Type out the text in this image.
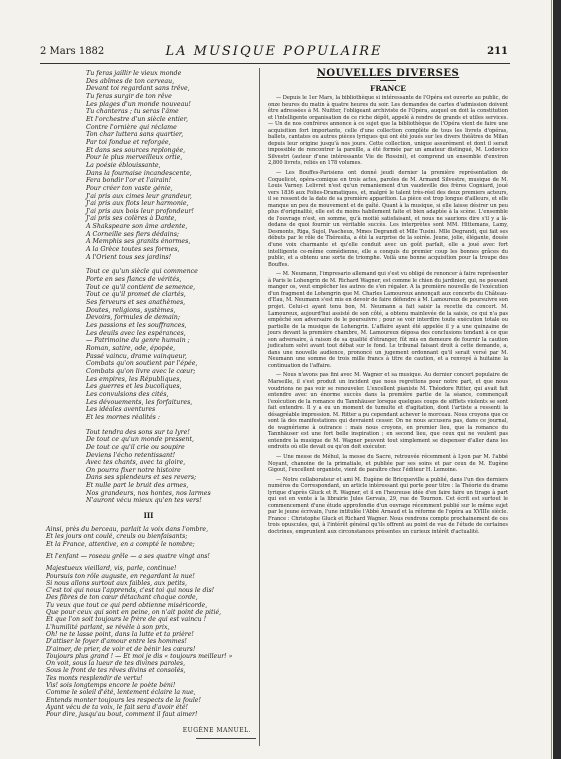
2 Mars 1882	LA MUSIQUE POPULAIRE	211
Tu feras jaillir le vieux monde
Des abîmes de ton cerveau,
Devant toi regardant sans trêve,
Tu feras surgir de ton rêve
Les plages d'un monde nouveau!
Tu chanteras ; tu seras l'âme
Et l'orchestre d'un siècle entier,
Contre l'ornière qui réclame
Ton char luttera sans quartier,
Par toi fondue et reforgée,
Et dans ses sources replongée,
Pour le plus merveilleux ortie,
La poésie éblouissante,
Dans la fournaise incandescente,
Fera bondir l'or et l'airain!
Pour créer ton vaste génie,
J'ai pris aux cimes leur grandeur,
J'ai pris aux flots leur harmonie,
J'ai pris aux bois leur profondeur!
J'ai pris ses colères à Dante,
A Shakspeare son âme ardente,
A Corneille ses fiers dédains;
A Memphis ses granits énormes,
A la Grèce toutes ses formes,
A l'Orient tous ses jardins!
Tout ce qu'un siècle qui commence
Porte en ses flancs de vérités,
Tout ce qu'il contient de semence,
Tout ce qu'il promet de clartés,
Ses ferveurs et ses anathèmes,
Doutes, religions, systèmes,
Devoirs, formules de demain;
Les passions et les souffrances,
Les deuils avec les espérances,
— Patrimoine du genre humain ;
Roman, satire, ode, épopée,
Passé vaincu, drame vainqueur,
Combats qu'on soutient par l'épée,
Combats qu'on livre avec le cœur;
Les empires, les Républiques,
Les guerres et les bucoliques,
Les convulsions des cités,
Les dévouements, les forfaitures,
Les idéales aventures
Et les mornes réalités :
Tout tendra des sons sur ta lyre!
De tout ce qu'un monde pressent,
De tout ce qu'il crie ou soupire
Deviens l'écho retentissant!
Avec tes chants, avec ta gloire,
On pourra fixer notre histoire
Dans ses splendeurs et ses revers;
Et nulle part le bruit des armes,
Nos grandeurs, nos hontes, nos larmes
N'auront vécu mieux qu'en tes vers!
III
Ainsi, près du berceau, parlait la voix dans l'ombre,
Et les jours ont coulé, creuls ou bienfaisants;
Et la France, attentive, en a compté le nombre;
Et l'enfant — roseau grêle — a ses quatre vingt ans!
Majestueux vieillard, vis, parle, continue!
Poursuis ton rôle auguste, en regardant la nue!
Si nous allons surtout aux faibles, aux petits,
C'est toi qui nous l'apprends, c'est toi qui nous le dis!
Des fibres de ton cœur détachant chaque corde,
Tu veux que tout ce qui perd obtienne miséricorde,
Que pour ceux qui sont en peine, on n'ait point de pitié,
Et que l'on soit toujours le frère de qui est vaincu !
L'humilité parlant, se révèle à son prix,
Oh! ne te lasse point, dans la lutte et ta prière!
D'attiser le foyer d'amour entre les hommes!
D'aimer, de prier, de voir et de bénir les cœurs!
Toujours plus grand ! — Et moi je dis « toujours meilleur! »
On voit, sous la lueur de tes divines paroles,
Sous le front de tes rêves divins et consolés,
Tes monts resplendir de vertu!
Vis! sois longtemps encore le poète béni!
Comme le soleil d'été, lentement éclaire la nue,
Entends monter toujours les respects de la foule!
Ayant vécu de ta voix, le fait sera d'avoir été!
Pour dire, jusqu'au bout, comment il faut aimer!
EUGÈNE MANUEL.
NOUVELLES DIVERSES
FRANCE

— Depuis le 1er Mars, la bibliothèque si intéressante de l'Opéra est ouverte au public, de onze heures du matin à quatre heures du soir. Les demandes de cartes d'admission doivent être adressées à M. Nuitter, l'obligeant archiviste de l'Opéra, auquel on doit la constitution et l'intelligente organisation de ce riche dépôt, appelé à rendre de grands et utiles services. — Un de nos confrères annonce à ce sujet que la bibliothèque de l'Opéra vient de faire une acquisition fort importante, celle d'une collection complète de tous les livrets d'opéras, ballets, cantates ou autres pièces lyriques qui ont été joués sur les divers théâtres de Milan depuis leur origine jusqu'à nos jours. Cette collection, unique assurément et dont il serait impossible de rencontrer la pareille, a été formée par un amateur distingué, M. Lodovico Silvestri (auteur d'une intéressante Vie de Rossini), et comprend un ensemble d'environ 2,800 livrets, reliés en 178 volumes.

— Les Bouffes-Parisiens ont donné jeudi dernier la première représentation de Coquelicot, opéra-comique en trois actes, paroles de M. Armand Silvestre, musique de M. Louis Varney. Lelivret n'est qu'un remaniement d'un vaudeville des frères Cogniard, joué vers 1836 aux Folies-Dramatiques, et, malgré le talent très-réel des deux premiers acteurs, il se ressent de la date de sa première apparition. La pièce est trop longue d'ailleurs, et elle manque un peu de mouvement et de gaîté. Quant à la musique, si elle laisse désirer un peu plus d'originalité, elle est du moins habilement faite et bien adaptée à la scène. L'ensemble de l'ouvrage n'est, en somme, qu'à moitié satisfaisant, et nous ne saurions dire s'il y a là-dedans de quoi fournir un véritable succès. Les interprètes sont MM. Hittemans, Lamy, Desmonts, Riga, Sujol, Pascheux, Mmes Degrandi et Mlle Tusini. Mlle Degrandi, qui fait ses débuts par le rôle de Théresita, a été la surprise de la soirée. Jeune, jolie, élégante, douée d'une voix charmante et qu'elle conduit avec un goût parfait, elle a joué avec fort intelligente ce-même comédienne, elle a conquis du premier coup les bonnes grâces du public, et a obtenu une sorte de triomphe. Voilà une bonne acquisition pour la troupe des Bouffes.

— M. Neumann, l'impresario allemand qui s'est vu obligé de renoncer à faire représenter à Paris le Lohengrin de M. Richard Wagner, est comme le chien du jardinier, qui, ne pouvant manger os, veut empêcher les autres de s'en régaler. A la première nouvelle de l'exécution d'un fragment de Lohengrin que M. Charles Lamoureux annonçait aux concerts du Château-d'Eau, M. Neumann s'est mis en devoir de faire défendre à M. Lamoureux de poursuivre son projet. Celui-ci ayant tenu bon, M. Neumann a fait saisir la recette du concert. M. Lamoureux, aujourd'hui assisté de son côté, a obtenu mainlevée de la saisie, ce qui n'a pas empêché son adversaire de le poursuivre ; pour se voir interdire toute exécution totale ou partielle de la musique de Lohengrin. L'affaire ayant été appelée il y a une quinzaine de jours devant la première chambre, M. Lamoureux déposa des conclusions tendant à ce que son adversaire, à raison de sa qualité d'étranger, fût mis en demeure de fournir la caution judicatum solvi avant tout débat sur le fond. Le tribunal faisant droit à cette demande, a, dans une nouvelle audience, prononcé un jugement ordonnant qu'il serait versé par M. Neumann une somme de trois mille francs à titre de caution, et a renvoyé à huitaine la continuation de l'affaire.

— Nous n'avons pas fini avec M. Wagner et sa musique. Au dernier concert populaire de Marseille, il s'est produit un incident que nous regrettons pour notre part, et que nous voudrions ne pas voir se renouveler. L'excellent pianiste M. Théodore Ritter, qui avait fait entendre avec un énorme succès dans la première partie de la séance, commençait l'exécution de la romance du Tannhäuser lorsque quelques coups de sifflets violents se sont fait entendre. Il y a eu un moment de tumulte et d'agitation, dont l'artiste a ressenti la désagréable impression. M. Ritter a pu cependant achever le morceau. Nous croyons que ce sont là des manifestations qui devraient cesser. On ne nous accusera pas, dans ce journal, de wagnérisme à outrance : mais nous croyons, en premier lieu, que la romance du Tannhäuser est une fort belle inspiration ; en second lieu, que ceux qui ne veulent pas entendre la musique de M. Wagner peuvent tout simplement se dispenser d'aller dans les endroits où elle devait ou qu'on doit exécuter.

— Une messe de Méhul, la messe du Sacre, retrouvée récemment à Lyon par M. l'abbé Noyant, chanoine de la primatiale, et publiée par ses soins et par ceux de M. Eugène Gigout, l'excellent organiste, vient de paraître chez l'éditeur H. Lemoine.

— Notre collaborateur et ami M. Eugène de Bricqueville a publié, dans l'un des derniers numéros du Correspondant, un article intéressant qui porte pour titre : la Théorie du drame lyrique d'après Gluck et R. Wagner, et il en l'heureuse idée d'en faire faire un tirage à part qui est en vente à la librairie Jules Gervais, 29, rue de Tournon. Cet écrit est surtout le commencement d'une étude approfondie d'un ouvrage récemment publié sur le même sujet par le jeune écrivain, l'une intitulée l'Abbé Arnaud et la réforme de l'opéra au XVIIIe siècle. France : Christophe Gluck et Richard Wagner. Nous rendrons compte prochainement de ces trois opuscules, qui, à l'intérêt général qu'ils offrent au point de vue de l'étude de certaines doctrines, empruntent aux circonstances présentes un curieux intérêt d'actualité.
